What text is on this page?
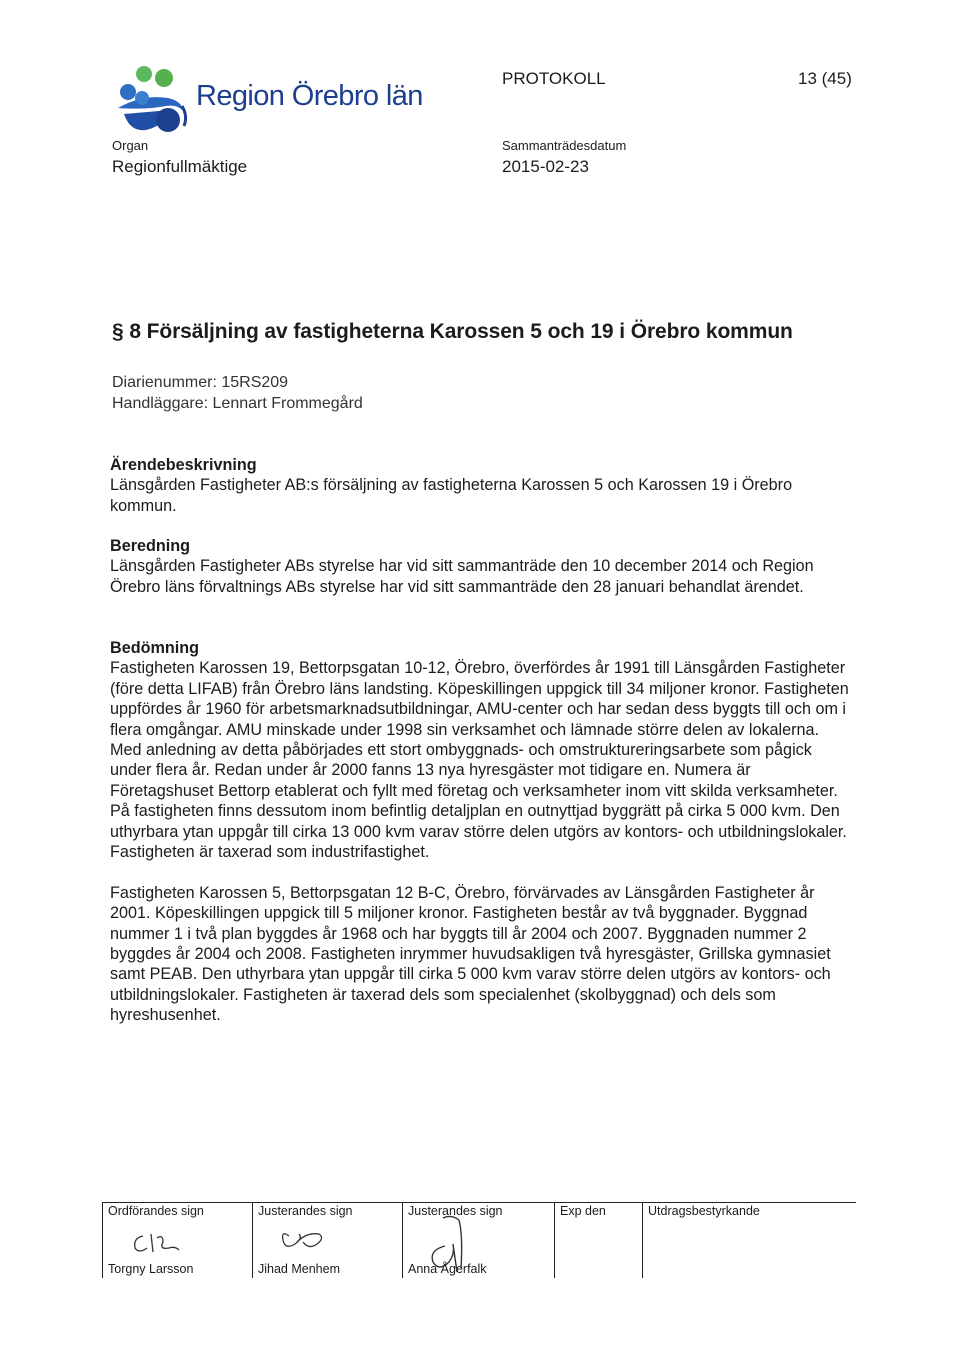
Region Örebro län
PROTOKOLL	13 (45)
Organ
Regionfullmäktige
Sammanträdesdatum
2015-02-23
§ 8 Försäljning av fastigheterna Karossen 5 och 19 i Örebro kommun
Diarienummer: 15RS209
Handläggare: Lennart Frommegård
Ärendebeskrivning

Länsgården Fastigheter AB:s försäljning av fastigheterna Karossen 5 och Karossen 19 i Örebro kommun.

Beredning

Länsgården Fastigheter ABs styrelse har vid sitt sammanträde den 10 december 2014 och Region Örebro läns förvaltnings ABs styrelse har vid sitt sammanträde den 28 januari behandlat ärendet.

Bedömning

Fastigheten Karossen 19, Bettorpsgatan 10-12, Örebro, överfördes år 1991 till Länsgården Fastigheter (före detta LIFAB) från Örebro läns landsting. Köpeskillingen uppgick till 34 miljoner kronor. Fastigheten uppfördes år 1960 för arbetsmarknadsutbildningar, AMU-center och har sedan dess byggts till och om i flera omgångar. AMU minskade under 1998 sin verksamhet och lämnade större delen av lokalerna. Med anledning av detta påbörjades ett stort ombyggnads- och omstruktureringsarbete som pågick under flera år. Redan under år 2000 fanns 13 nya hyresgäster mot tidigare en. Numera är Företagshuset Bettorp etablerat och fyllt med företag och verksamheter inom vitt skilda verksamheter. På fastigheten finns dessutom inom befintlig detaljplan en outnyttjad byggrätt på cirka 5 000 kvm. Den uthyrbara ytan uppgår till cirka 13 000 kvm varav större delen utgörs av kontors- och utbildningslokaler. Fastigheten är taxerad som industrifastighet.

Fastigheten Karossen 5, Bettorpsgatan 12 B-C, Örebro, förvärvades av Länsgården Fastigheter år 2001. Köpeskillingen uppgick till 5 miljoner kronor. Fastigheten består av två byggnader. Byggnad nummer 1 i två plan byggdes år 1968 och har byggts till år 2004 och 2007. Byggnaden nummer 2 byggdes år 2004 och 2008. Fastigheten inrymmer huvudsakligen två hyresgäster, Grillska gymnasiet samt PEAB. Den uthyrbara ytan uppgår till cirka 5 000 kvm varav större delen utgörs av kontors- och utbildningslokaler. Fastigheten är taxerad dels som specialenhet (skolbyggnad) och dels som hyreshusenhet.

Ordförandes sign
Torgny Larsson
Justerandes sign
Jihad Menhem
Justerandes sign
Anna Ågerfalk
Exp den	Utdragsbestyrkande
